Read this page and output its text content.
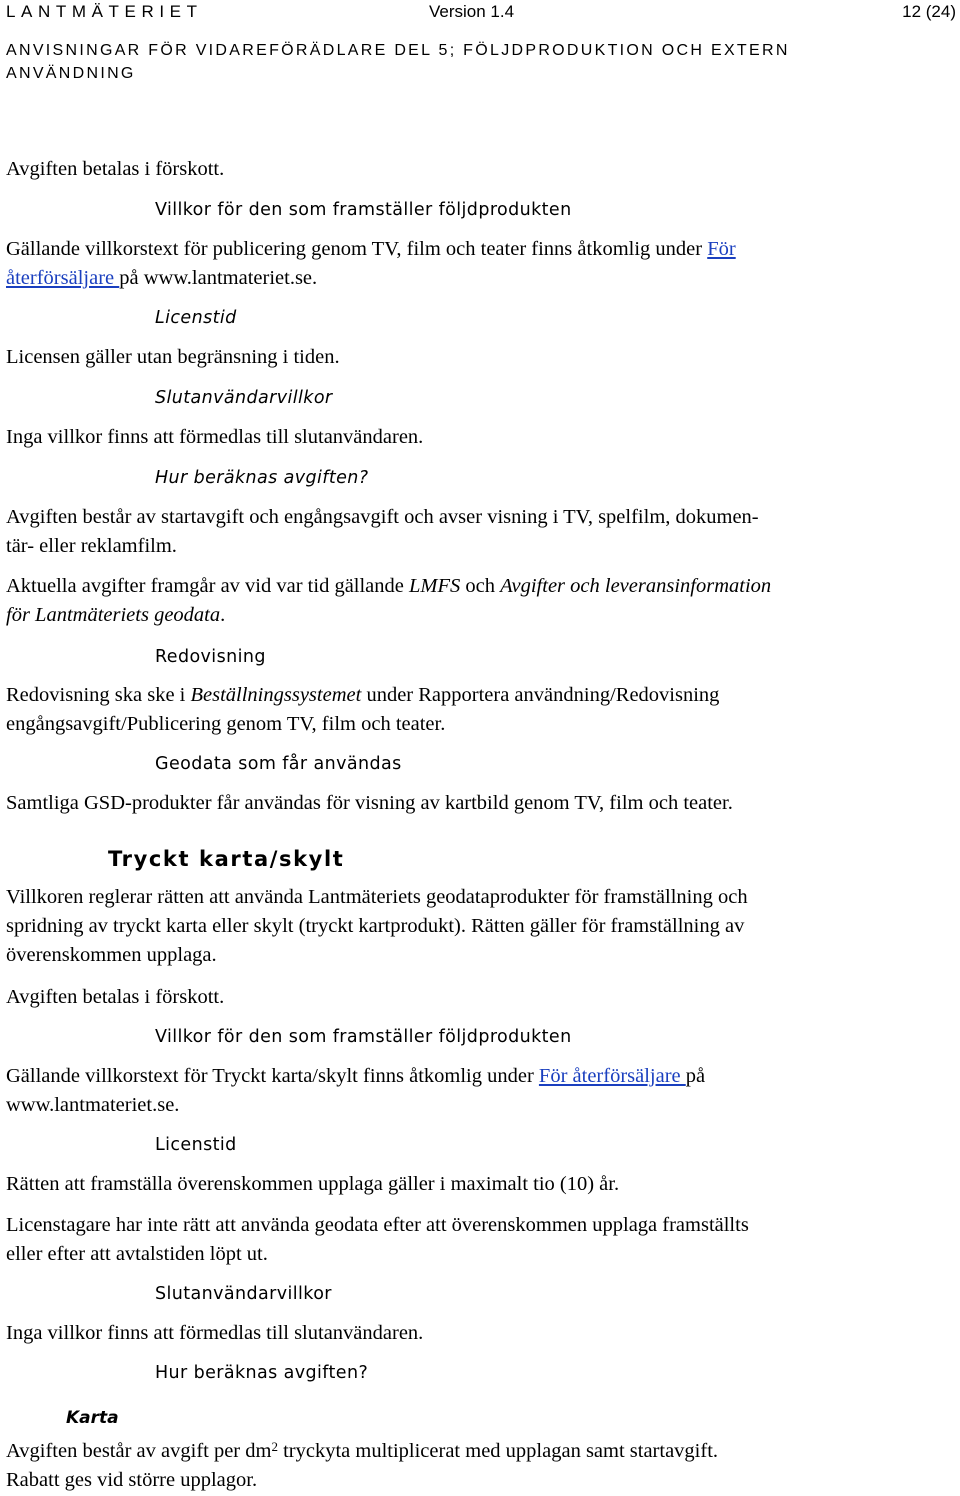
LANTMÄTERIET	Version 1.4	12 (24)
ANVISNINGAR FÖR VIDAREFÖRÄDLARE DEL 5; FÖLJDPRODUKTION OCH EXTERN
ANVÄNDNING
Avgiften betalas i förskott.
Villkor för den som framställer följdprodukten
Gällande villkorstext för publicering genom TV, film och teater finns åtkomlig under För
återförsäljare på www.lantmateriet.se.
Licenstid
Licensen gäller utan begränsning i tiden.
Slutanvändarvillkor
Inga villkor finns att förmedlas till slutanvändaren.
Hur beräknas avgiften?
Avgiften består av startavgift och engångsavgift och avser visning i TV, spelfilm, dokumen-
tär- eller reklamfilm.
Aktuella avgifter framgår av vid var tid gällande LMFS och Avgifter och leveransinformation
för Lantmäteriets geodata.
Redovisning
Redovisning ska ske i Beställningssystemet under Rapportera användning/Redovisning
engångsavgift/Publicering genom TV, film och teater.
Geodata som får användas
Samtliga GSD-produkter får användas för visning av kartbild genom TV, film och teater.
Tryckt karta/skylt
Villkoren reglerar rätten att använda Lantmäteriets geodataprodukter för framställning och
spridning av tryckt karta eller skylt (tryckt kartprodukt). Rätten gäller för framställning av
överenskommen upplaga.
Avgiften betalas i förskott.
Villkor för den som framställer följdprodukten
Gällande villkorstext för Tryckt karta/skylt finns åtkomlig under För återförsäljare på
www.lantmateriet.se.
Licenstid
Rätten att framställa överenskommen upplaga gäller i maximalt tio (10) år.
Licenstagare har inte rätt att använda geodata efter att överenskommen upplaga framställts
eller efter att avtalstiden löpt ut.
Slutanvändarvillkor
Inga villkor finns att förmedlas till slutanvändaren.
Hur beräknas avgiften?
Karta
Avgiften består av avgift per $dm^2$ tryckyta multiplicerat med upplagan samt startavgift.
Rabatt ges vid större upplagor.
